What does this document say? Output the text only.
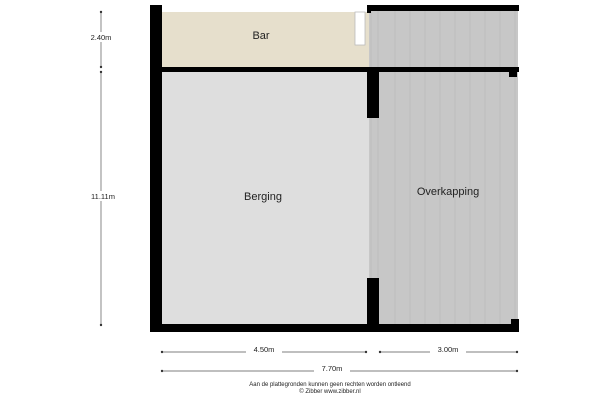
Bar
Berging	Overkapping
2.40m
11.11m
4.50m	3.00m
7.70m
Aan de plattegronden kunnen geen rechten worden ontleend
© Zibber www.zibber.nl
